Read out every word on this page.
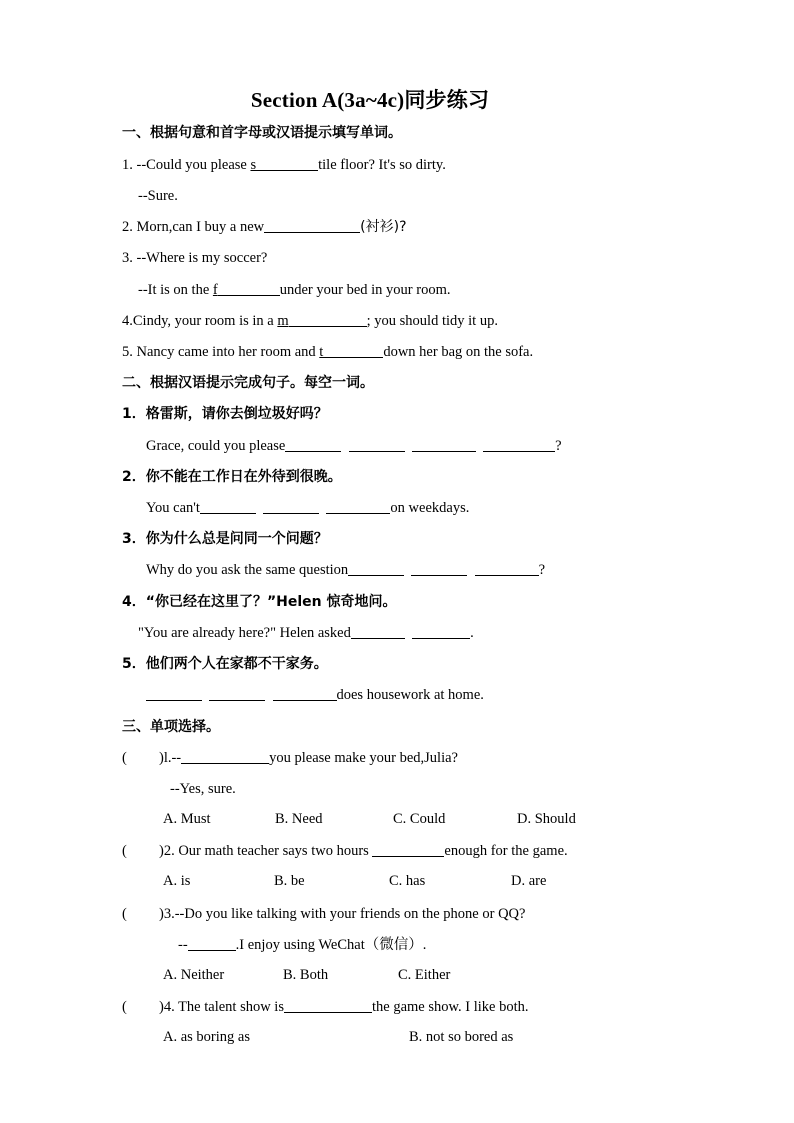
Section A(3a~4c)同步练习
一、根据句意和首字母或汉语提示填写单词。
1. --Could you please s	tile floor? It's so dirty.
--Sure.
2. Morn,can I buy a new	(衬衫)?
3. --Where is my soccer?
--It is on the f	under your bed in your room.
4.Cindy, your room is in a m	; you should tidy it up.
5. Nancy came into her room and t	down her bag on the sofa.
二、根据汉语提示完成句子。每空一词。
1．格雷斯，请你去倒垃圾好吗？
Grace, could you please	?
2．你不能在工作日在外待到很晚。
You can't	on weekdays.
3．你为什么总是问同一个问题？
Why do you ask the same question	?
4．“你已经在这里了？”Helen 惊奇地问。
"You are already here?" Helen asked	.
5．他们两个人在家都不干家务。
does housework at home.
三、单项选择。
( )l.--	you please make your bed,Julia?
--Yes, sure.
A. Must	B. Need	C. Could	D. Should
( )2. Our math teacher says two hours	enough for the game.
A. is	B. be	C. has	D. are
( )3.--Do you like talking with your friends on the phone or QQ?
--	.I enjoy using WeChat（微信）.
A. Neither	B. Both	C. Either
( )4. The talent show is	the game show. I like both.
A. as boring as	B. not so bored as
